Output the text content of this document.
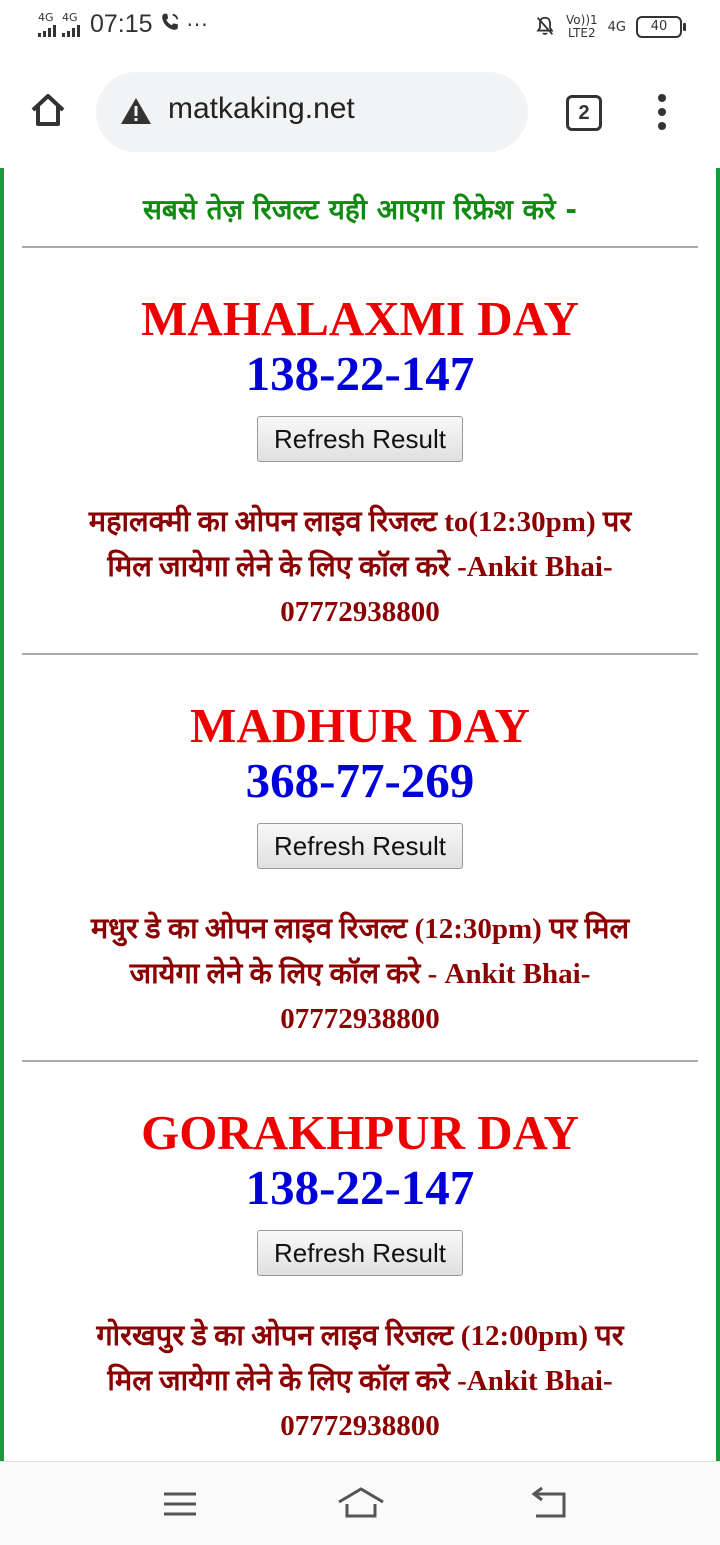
4G 4G 07:15 ···	Vo))1
LTE2 4G	40
matkaking.net	2
सबसे तेज़ रिजल्ट यही आएगा रिफ्रेश करे -
MAHALAXMI DAY
138-22-147
Refresh Result
महालक्मी का ओपन लाइव रिजल्ट to(12:30pm) पर
मिल जायेगा लेने के लिए कॉल करे -Ankit Bhai-
07772938800
MADHUR DAY
368-77-269
Refresh Result
मधुर डे का ओपन लाइव रिजल्ट (12:30pm) पर मिल
जायेगा लेने के लिए कॉल करे - Ankit Bhai-
07772938800
GORAKHPUR DAY
138-22-147
Refresh Result
गोरखपुर डे का ओपन लाइव रिजल्ट (12:00pm) पर
मिल जायेगा लेने के लिए कॉल करे -Ankit Bhai-
07772938800
